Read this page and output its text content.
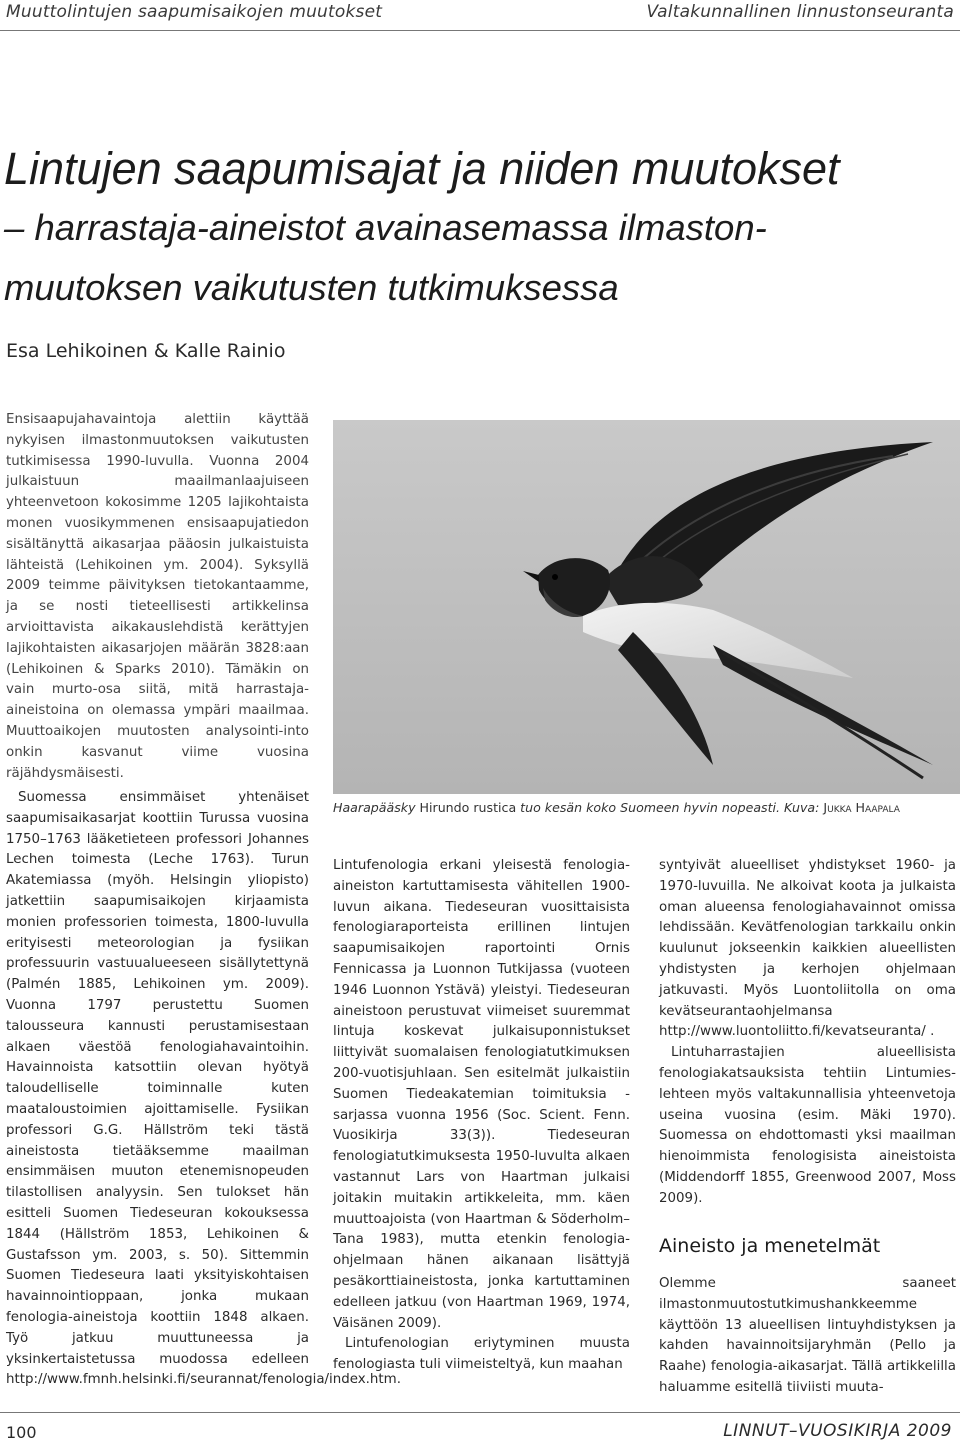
Muuttolintujen saapumisaikojen muutokset	Valtakunnallinen linnustonseuranta
Lintujen saapumisajat ja niiden muutokset
– harrastaja-aineistot avainasemassa ilmaston-
muutoksen vaikutusten tutkimuksessa
Esa Lehikoinen & Kalle Rainio

Ensisaapujahavaintoja alettiin käyttää nykyisen ilmastonmuutoksen vaikutusten tutkimisessa 1990-luvulla. Vuonna 2004 julkaistuun maailmanlaajuiseen yhteenvetoon kokosimme 1205 lajikohtaista monen vuosikymmenen ensisaapujatiedon sisältänyttä aikasarjaa pääosin julkaistuista lähteistä (Lehikoinen ym. 2004). Syksyllä 2009 teimme päivityksen tietokantaamme, ja se nosti tieteellisesti artikkelinsa arvioittavista aikakauslehdistä kerättyjen lajikohtaisten aikasarjojen määrän 3828:aan (Lehikoinen & Sparks 2010). Tämäkin on vain murto-osa siitä, mitä harrastaja-aineistoina on olemassa ympäri maailmaa. Muuttoaikojen muutosten analysointi-into onkin kasvanut viime vuosina räjähdysmäisesti.

Suomessa ensimmäiset yhtenäiset saapumisaikasarjat koottiin Turussa vuosina 1750–1763 lääketieteen professori Johannes Lechen toimesta (Leche 1763). Turun Akatemiassa (myöh. Helsingin yliopisto) jatkettiin saapumisaikojen kirjaamista monien professorien toimesta, 1800-luvulla erityisesti meteorologian ja fysiikan professuurin vastuualueeseen sisällytettynä (Palmén 1885, Lehikoinen ym. 2009). Vuonna 1797 perustettu Suomen talousseura kannusti perustamisestaan alkaen väestöä fenologiahavaintoihin. Havainnoista katsottiin olevan hyötyä taloudelliselle toiminnalle kuten maataloustoimien ajoittamiselle. Fysiikan professori G.G. Hällström teki tästä aineistosta tietääksemme maailman ensimmäisen muuton etenemisnopeuden tilastollisen analyysin. Sen tulokset hän esitteli Suomen Tiedeseuran kokouksessa 1844 (Hällström 1853, Lehikoinen & Gustafsson ym. 2003, s. 50). Sittemmin Suomen Tiedeseura laati yksityiskohtaisen havainnointioppaan, jonka mukaan fenologia-aineistoja koottiin 1848 alkaen. Työ jatkuu muuttuneessa ja yksinkertaistetussa muodossa edelleen http://www.fmnh.helsinki.fi/seurannat/fenologia/index.htm.

Haarapääsky Hirundo rustica tuo kesän koko Suomeen hyvin nopeasti. Kuva: Jukka Haapala

Lintufenologia erkani yleisestä fenologia-aineiston kartuttamisesta vähitellen 1900-luvun aikana. Tiedeseuran vuosittaisista fenologiaraporteista erillinen lintujen saapumisaikojen raportointi Ornis Fennicassa ja Luonnon Tutkijassa (vuoteen 1946 Luonnon Ystävä) yleistyi. Tiedeseuran aineistoon perustuvat viimeiset suuremmat lintuja koskevat julkaisuponnistukset liittyivät suomalaisen fenologiatutkimuksen 200-vuotisjuhlaan. Sen esitelmät julkaistiin Suomen Tiedeakatemian toimituksia -sarjassa vuonna 1956 (Soc. Scient. Fenn. Vuosikirja 33(3)). Tiedeseuran fenologiatutkimuksesta 1950-luvulta alkaen vastannut Lars von Haartman julkaisi joitakin muitakin artikkeleita, mm. käen muuttoajoista (von Haartman & Söderholm–Tana 1983), mutta etenkin fenologia-ohjelmaan hänen aikanaan lisättyjä pesäkorttiaineistosta, jonka kartuttaminen edelleen jatkuu (von Haartman 1969, 1974, Väisänen 2009).

Lintufenologian eriytyminen muusta fenologiasta tuli viimeisteltyä, kun maahan

syntyivät alueelliset yhdistykset 1960- ja 1970-luvuilla. Ne alkoivat koota ja julkaista oman alueensa fenologiahavainnot omissa lehdissään. Kevätfenologian tarkkailu onkin kuulunut jokseenkin kaikkien alueellisten yhdistysten ja kerhojen ohjelmaan jatkuvasti. Myös Luontoliitolla on oma kevätseurantaohjelmansa http://www.luontoliitto.fi/kevatseuranta/ .

Lintuharrastajien alueellisista fenologiakatsauksista tehtiin Lintumies-lehteen myös valtakunnallisia yhteenvetoja useina vuosina (esim. Mäki 1970). Suomessa on ehdottomasti yksi maailman hienoimmista fenologisista aineistoista (Middendorff 1855, Greenwood 2007, Moss 2009).

Aineisto ja menetelmät

Olemme saaneet ilmastonmuutostutkimushankkeemme käyttöön 13 alueellisen lintuyhdistyksen ja kahden havainnoitsijaryhmän (Pello ja Raahe) fenologia-aikasarjat. Tällä artikkelilla haluamme esitellä tiiviisti muuta-

100	LINNUT–VUOSIKIRJA 2009
